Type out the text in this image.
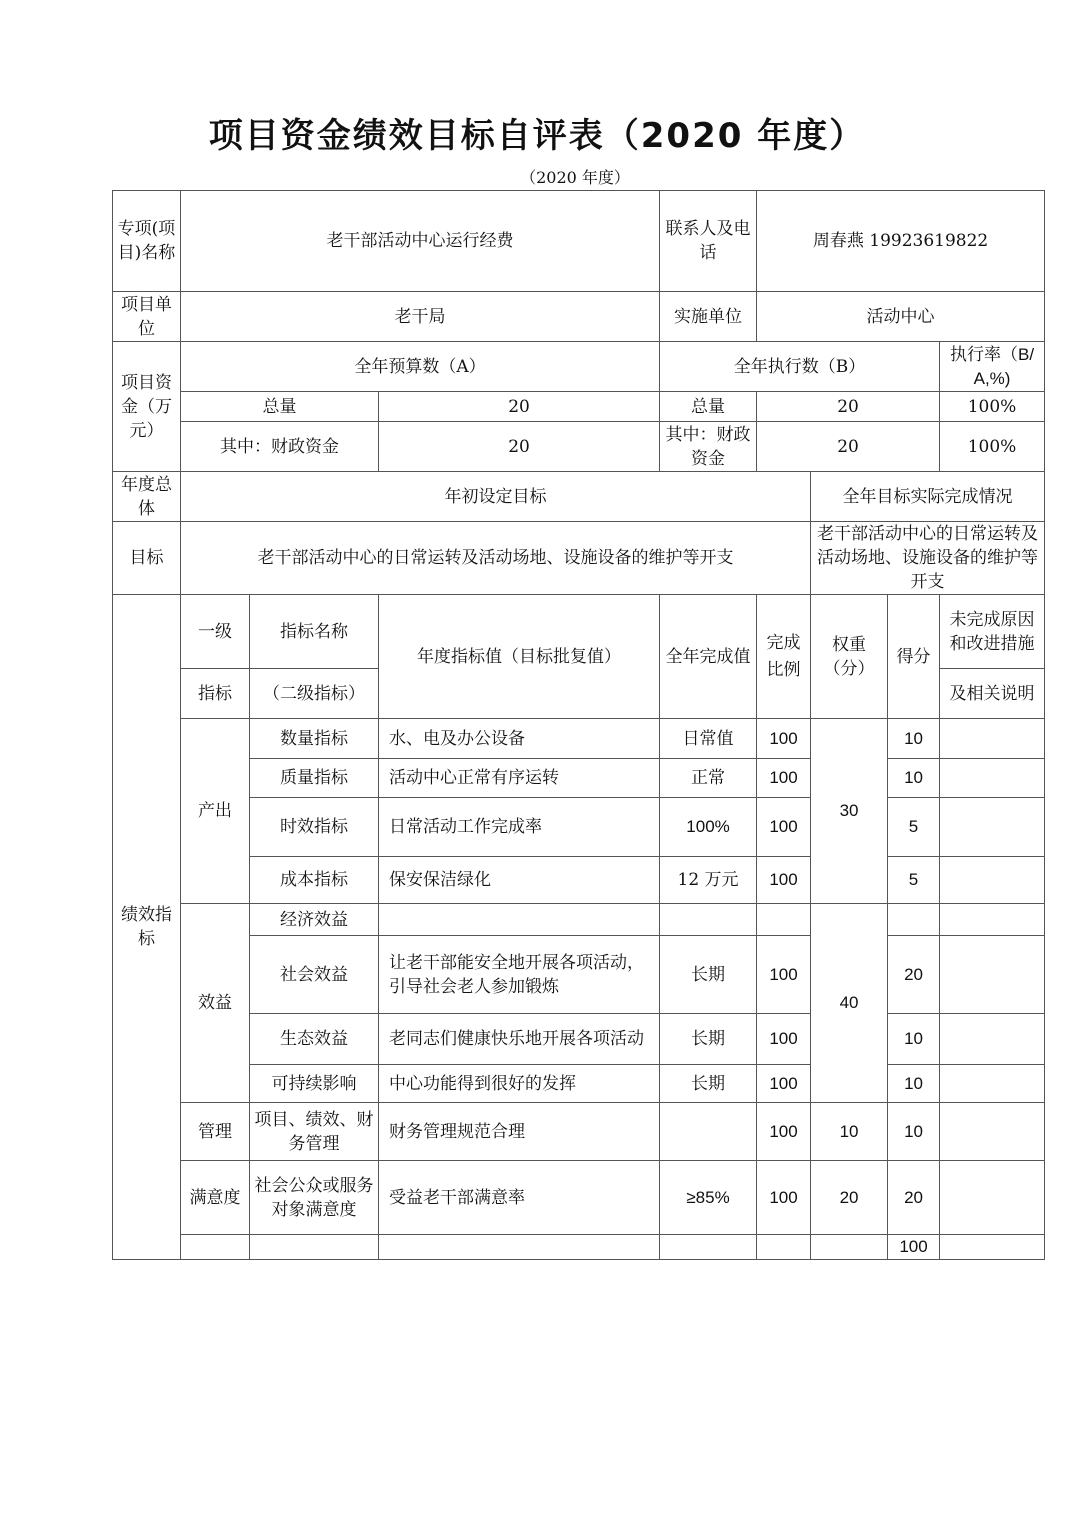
项目资金绩效目标自评表（2020 年度）
（2020 年度）
专项(项目)名称	老干部活动中心运行经费			联系人及电话	周春燕 19923619822				
项目单位	老干局			实施单位	活动中心				
项目资金（万元）	全年预算数（A）			全年执行数（B）				执行率（B/A,%)	
	总量		20	总量	20			100%	
	其中：财政资金		20	其中：财政资金	20			100%	
年度总体	年初设定目标					全年目标实际完成情况			
目标	老干部活动中心的日常运转及活动场地、设施设备的维护等开支					老干部活动中心的日常运转及活动场地、设施设备的维护等开支			
绩效指标	一级	指标名称	年度指标值（目标批复值）	全年完成值	完成比例	权重（分）	得分	未完成原因和改进措施	
	指标	（二级指标）						及相关说明	
	产出	数量指标	水、电及办公设备	日常值	100	30	10		
		质量指标	活动中心正常有序运转	正常	100		10		
		时效指标	日常活动工作完成率	100%	100		5		
		成本指标	保安保洁绿化	12 万元	100		5		
	效益	经济效益				40			
		社会效益	让老干部能安全地开展各项活动，引导社会老人参加锻炼	长期	100		20		
		生态效益	老同志们健康快乐地开展各项活动	长期	100		10		
		可持续影响	中心功能得到很好的发挥	长期	100		10		
	管理	项目、绩效、财务管理	财务管理规范合理		100	10	10		
	满意度	社会公众或服务对象满意度	受益老干部满意率	≥85%	100	20	20		
							100		
